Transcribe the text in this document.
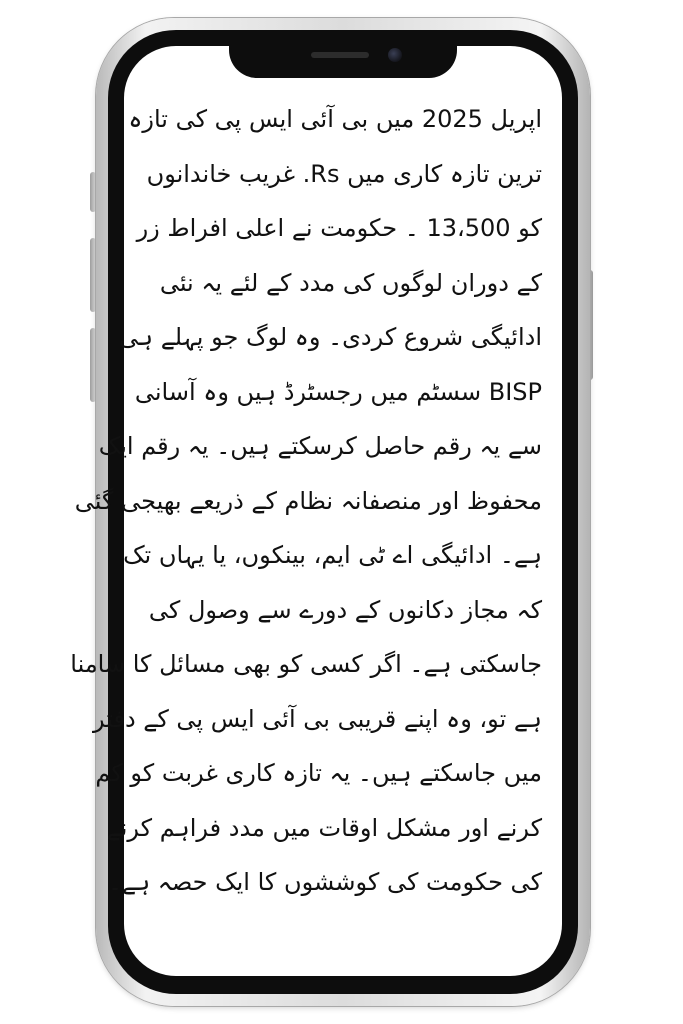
اپریل 2025 میں بی آئی ایس پی کی تازہ
ترین تازہ کاری میں Rs. غریب خاندانوں
کو 13،500 ۔ حکومت نے اعلی افراط زر
کے دوران لوگوں کی مدد کے لئے یہ نئی
ادائیگی شروع کردی۔ وہ لوگ جو پہلے ہی
BISP سسٹم میں رجسٹرڈ ہیں وہ آسانی
سے یہ رقم حاصل کرسکتے ہیں۔ یہ رقم ایک
محفوظ اور منصفانہ نظام کے ذریعے بھیجی گئی
ہے۔ ادائیگی اے ٹی ایم، بینکوں، یا یہاں تک
کہ مجاز دکانوں کے دورے سے وصول کی
جاسکتی ہے۔ اگر کسی کو بھی مسائل کا سامنا
ہے تو، وہ اپنے قریبی بی آئی ایس پی کے دفتر
میں جاسکتے ہیں۔ یہ تازہ کاری غربت کو کم
کرنے اور مشکل اوقات میں مدد فراہم کرنے
کی حکومت کی کوششوں کا ایک حصہ ہے۔
